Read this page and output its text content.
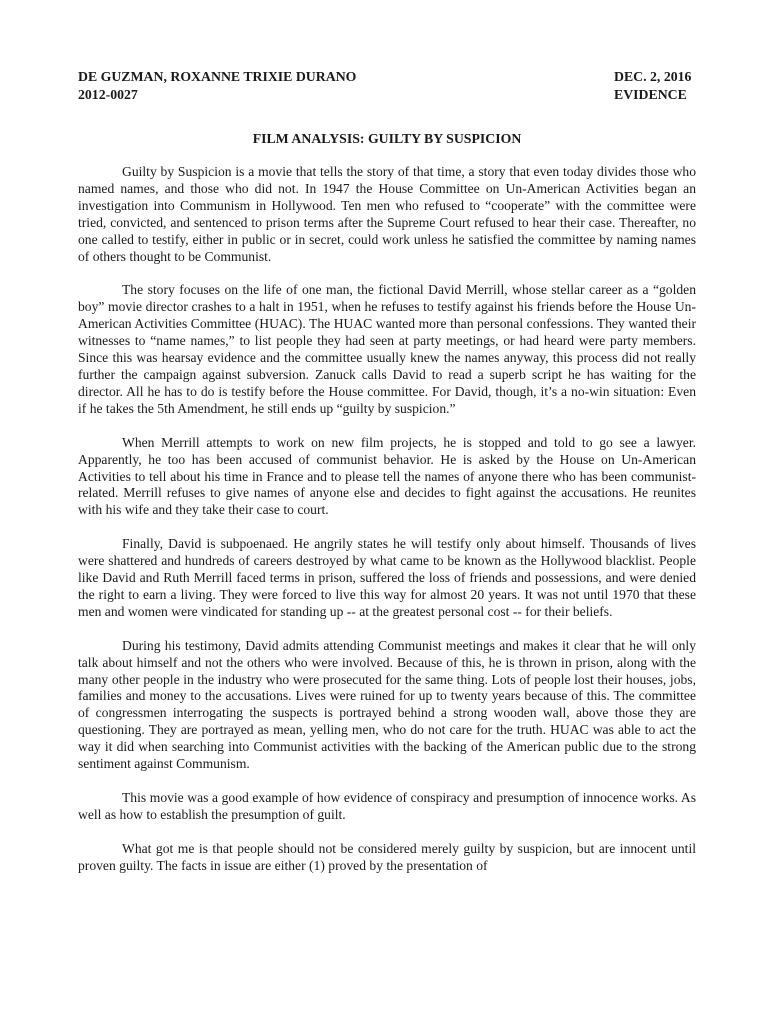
DE GUZMAN, ROXANNE TRIXIE DURANO	DEC. 2, 2016
2012-0027	EVIDENCE
FILM ANALYSIS: GUILTY BY SUSPICION

Guilty by Suspicion is a movie that tells the story of that time, a story that even today divides those who named names, and those who did not. In 1947 the House Committee on Un-American Activities began an investigation into Communism in Hollywood. Ten men who refused to “cooperate” with the committee were tried, convicted, and sentenced to prison terms after the Supreme Court refused to hear their case. Thereafter, no one called to testify, either in public or in secret, could work unless he satisfied the committee by naming names of others thought to be Communist.

The story focuses on the life of one man, the fictional David Merrill, whose stellar career as a “golden boy” movie director crashes to a halt in 1951, when he refuses to testify against his friends before the House Un-American Activities Committee (HUAC). The HUAC wanted more than personal confessions. They wanted their witnesses to “name names,” to list people they had seen at party meetings, or had heard were party members. Since this was hearsay evidence and the committee usually knew the names anyway, this process did not really further the campaign against subversion. Zanuck calls David to read a superb script he has waiting for the director. All he has to do is testify before the House committee. For David, though, it’s a no-win situation: Even if he takes the 5th Amendment, he still ends up “guilty by suspicion.”

When Merrill attempts to work on new film projects, he is stopped and told to go see a lawyer. Apparently, he too has been accused of communist behavior. He is asked by the House on Un-American Activities to tell about his time in France and to please tell the names of anyone there who has been communist-related. Merrill refuses to give names of anyone else and decides to fight against the accusations. He reunites with his wife and they take their case to court.

Finally, David is subpoenaed. He angrily states he will testify only about himself. Thousands of lives were shattered and hundreds of careers destroyed by what came to be known as the Hollywood blacklist. People like David and Ruth Merrill faced terms in prison, suffered the loss of friends and possessions, and were denied the right to earn a living. They were forced to live this way for almost 20 years. It was not until 1970 that these men and women were vindicated for standing up -- at the greatest personal cost -- for their beliefs.

During his testimony, David admits attending Communist meetings and makes it clear that he will only talk about himself and not the others who were involved. Because of this, he is thrown in prison, along with the many other people in the industry who were prosecuted for the same thing. Lots of people lost their houses, jobs, families and money to the accusations. Lives were ruined for up to twenty years because of this. The committee of congressmen interrogating the suspects is portrayed behind a strong wooden wall, above those they are questioning. They are portrayed as mean, yelling men, who do not care for the truth. HUAC was able to act the way it did when searching into Communist activities with the backing of the American public due to the strong sentiment against Communism.

This movie was a good example of how evidence of conspiracy and presumption of innocence works. As well as how to establish the presumption of guilt.

What got me is that people should not be considered merely guilty by suspicion, but are innocent until proven guilty. The facts in issue are either (1) proved by the presentation of
